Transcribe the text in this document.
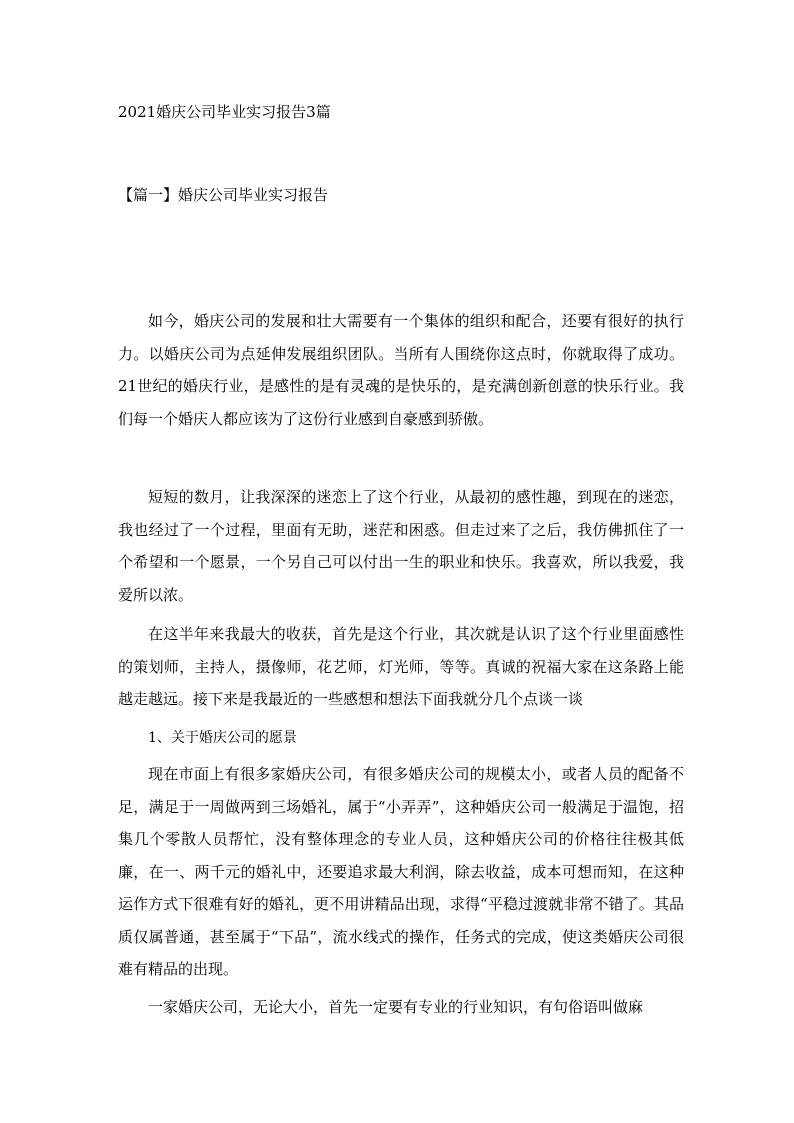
2021婚庆公司毕业实习报告3篇
【篇一】婚庆公司毕业实习报告

如今，婚庆公司的发展和壮大需要有一个集体的组织和配合，还要有很好的执行力。以婚庆公司为点延伸发展组织团队。当所有人围绕你这点时，你就取得了成功。21世纪的婚庆行业，是感性的是有灵魂的是快乐的，是充满创新创意的快乐行业。我们每一个婚庆人都应该为了这份行业感到自豪感到骄傲。

短短的数月，让我深深的迷恋上了这个行业，从最初的感性趣，到现在的迷恋，我也经过了一个过程，里面有无助，迷茫和困惑。但走过来了之后，我仿佛抓住了一个希望和一个愿景，一个另自己可以付出一生的职业和快乐。我喜欢，所以我爱，我爱所以浓。

在这半年来我最大的收获，首先是这个行业，其次就是认识了这个行业里面感性的策划师，主持人，摄像师，花艺师，灯光师，等等。真诚的祝福大家在这条路上能越走越远。接下来是我最近的一些感想和想法下面我就分几个点谈一谈

1、关于婚庆公司的愿景

现在市面上有很多家婚庆公司，有很多婚庆公司的规模太小，或者人员的配备不足，满足于一周做两到三场婚礼，属于“小弄弄”，这种婚庆公司一般满足于温饱，招集几个零散人员帮忙，没有整体理念的专业人员，这种婚庆公司的价格往往极其低廉，在一、两千元的婚礼中，还要追求最大利润，除去收益，成本可想而知，在这种运作方式下很难有好的婚礼，更不用讲精品出现，求得“平稳过渡就非常不错了。其品质仅属普通，甚至属于“下品”，流水线式的操作，任务式的完成，使这类婚庆公司很难有精品的出现。

一家婚庆公司，无论大小，首先一定要有专业的行业知识，有句俗语叫做麻
